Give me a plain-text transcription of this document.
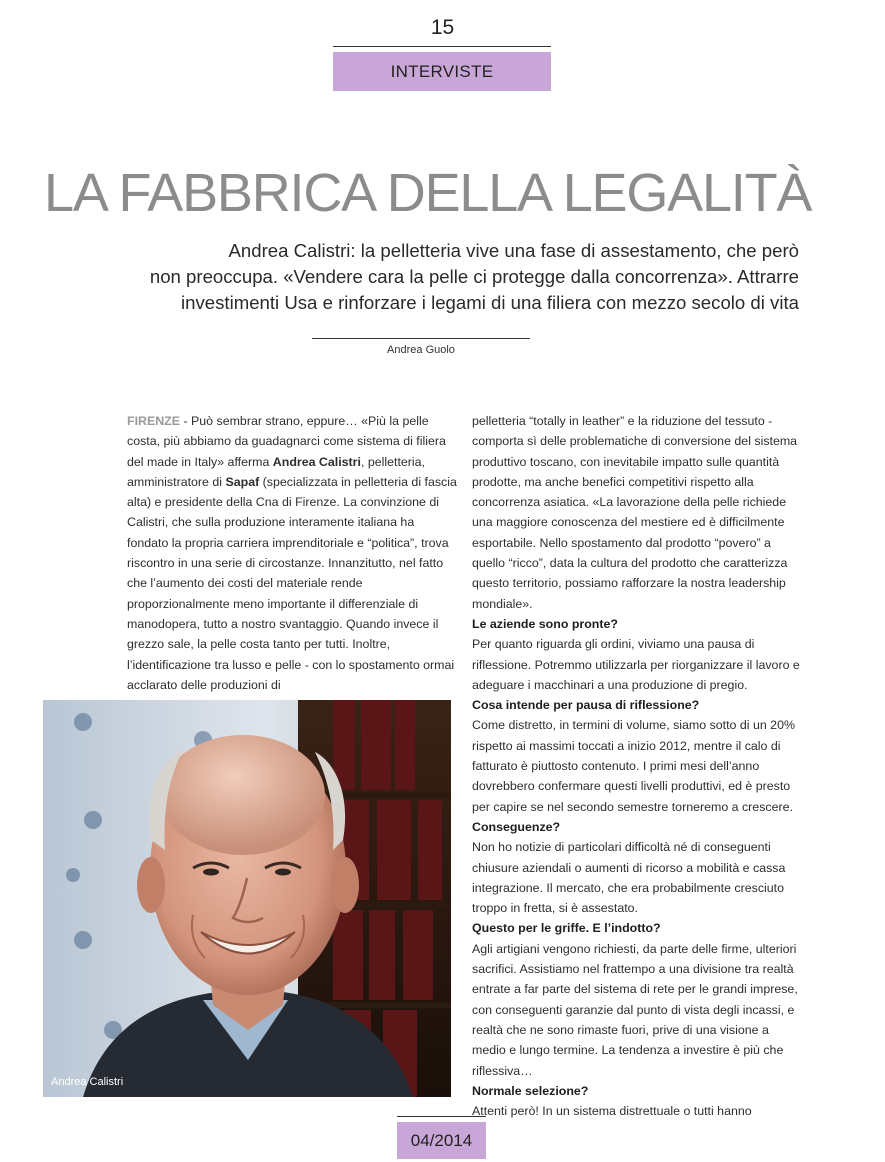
15
INTERVISTE
LA FABBRICA DELLA LEGALITÀ
Andrea Calistri: la pelletteria vive una fase di assestamento, che però
non preoccupa. «Vendere cara la pelle ci protegge dalla concorrenza». Attrarre
investimenti Usa e rinforzare i legami di una filiera con mezzo secolo di vita
Andrea Guolo

FIRENZE - Può sembrar strano, eppure… «Più la pelle costa, più abbiamo da guadagnarci come sistema di filiera del made in Italy» afferma Andrea Calistri, pelletteria, amministratore di Sapaf (specializzata in pelletteria di fascia alta) e presidente della Cna di Firenze. La convinzione di Calistri, che sulla produzione interamente italiana ha fondato la propria carriera imprenditoriale e “politica”, trova riscontro in una serie di circostanze. Innanzitutto, nel fatto che l’aumento dei costi del materiale rende proporzionalmente meno importante il differenziale di manodopera, tutto a nostro svantaggio. Quando invece il grezzo sale, la pelle costa tanto per tutti. Inoltre, l’identificazione tra lusso e pelle - con lo spostamento ormai acclarato delle produzioni di

pelletteria “totally in leather” e la riduzione del tessuto - comporta sì delle problematiche di conversione del sistema produttivo toscano, con inevitabile impatto sulle quantità prodotte, ma anche benefici competitivi rispetto alla concorrenza asiatica. «La lavorazione della pelle richiede una maggiore conoscenza del mestiere ed è difficilmente esportabile. Nello spostamento dal prodotto “povero” a quello “ricco”, data la cultura del prodotto che caratterizza questo territorio, possiamo rafforzare la nostra leadership mondiale».

Le aziende sono pronte?

Per quanto riguarda gli ordini, viviamo una pausa di riflessione. Potremmo utilizzarla per riorganizzare il lavoro e adeguare i macchinari a una produzione di pregio.

Cosa intende per pausa di riflessione?

Come distretto, in termini di volume, siamo sotto di un 20% rispetto ai massimi toccati a inizio 2012, mentre il calo di fatturato è piuttosto contenuto. I primi mesi dell’anno dovrebbero confermare questi livelli produttivi, ed è presto per capire se nel secondo semestre torneremo a crescere.

Conseguenze?

Non ho notizie di particolari difficoltà né di conseguenti chiusure aziendali o aumenti di ricorso a mobilità e cassa integrazione. Il mercato, che era probabilmente cresciuto troppo in fretta, si è assestato.

Questo per le griffe. E l’indotto?

Agli artigiani vengono richiesti, da parte delle firme, ulteriori sacrifici. Assistiamo nel frattempo a una divisione tra realtà entrate a far parte del sistema di rete per le grandi imprese, con conseguenti garanzie dal punto di vista degli incassi, e realtà che ne sono rimaste fuori, prive di una visione a medio e lungo termine. La tendenza a investire è più che riflessiva…

Normale selezione?

Attenti però! In un sistema distrettuale o tutti hanno

Andrea Calistri
04/2014
